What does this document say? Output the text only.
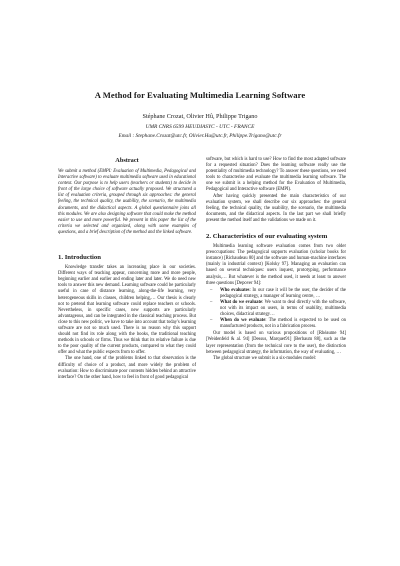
A Method for Evaluating Multimedia Learning Software
Stéphane Crozat, Olivier Hû, Philippe Trigano
UMR CNRS 6599 HEUDIASYC - UTC - FRANCE
Email : Stephane.Crozat@utc.fr, Olivier.Hu@utc.fr, Philippe.Trigano@utc.fr
Abstract

We submit a method (EMPI: Evaluation of Multimedia, Pedagogical and Interactive software) to evaluate multimedia software used in educational context. Our purpose is to help users (teachers or students) to decide in front of the large choice of software actually proposed. We structured a list of evaluation criteria, grouped through six approaches: the general feeling, the technical quality, the usability, the scenario, the multimedia documents, and the didactical aspects. A global questionnaire joins all this modules. We are also designing software that could make the method easier to use and more powerful. We present in this paper the list of the criteria we selected and organized, along with some examples of questions, and a brief description of the method and the linked software.

1. Introduction

Knowledge transfer takes an increasing place in our societies. Different ways of teaching appear, concerning more and more people, beginning earlier and earlier and ending later and later. We do need new tools to answer this new demand. Learning software could be particularly useful in case of distance learning, along-the-life learning, very heterogeneous skills in classes, children helping,… Our thesis is clearly not to pretend that learning software could replace teachers or schools. Nevertheless, in specific cases, new supports are particularly advantageous, and can be integrated in the classical teaching process. But close to this new politic, we have to take into account that today's learning software are not so much used. There is no reason why this support should not find its role along with the books, the traditional teaching methods in schools or firms. Thus we think that its relative failure is due to the poor quality of the current products, compared to what they could offer and what the public expects from to offer.

The one hand, one of the problems linked to that observation is the difficulty of choice of a product, and more widely the problem of evaluation: How to discriminate poor contents hidden behind an attractive interface? On the other hand, how to feel in front of good pedagogical

software, but which is hard to use? How to find the most adapted software for a requested situation? Does the learning software really use the potentiality of multimedia technology? To answer these questions, we need tools to characterise and evaluate the multimedia learning software. The one we submit is a helping method for the Evaluation of Multimedia, Pedagogical and Interactive software (EMPI).

After having quickly presented the main characteristics of our evaluation system, we shall describe our six approaches: the general feeling, the technical quality, the usability, the scenario, the multimedia documents, and the didactical aspects. In the last part we shall briefly present the method itself and the validations we made on it.

2. Characteristics of our evaluating system

Multimedia learning software evaluation comes from two older preoccupations: The pedagogical supports evaluation (scholar books for instance) [Richaudeau 80] and the software and human-machine interfaces (mainly in industrial context) [Kolsky 97]. Managing an evaluation can based on several techniques: users inquest, prototyping, performance analysis,… But whatever is the method used, it needs at least to answer three questions [Depover 94]:

– Who evaluates: In our case it will be the user, the decider of the pedagogical strategy, a manager of learning centre, …
– What do we evaluate: We want to deal directly with the software, not with its impact on users, in terms of usability, multimedia choices, didactical strategy…
– When do we evaluate: The method is expected to be used on manufactured products, not in a fabrication process.

Our model is based on various propositions of [Rhéaume 94] [Weidenfeld & al. 94] [Dessus, Marquet91] [Berbaum 88], such as the layer representation (from the technical core to the user), the distinction between pedagogical strategy, the information, the way of evaluating, …

The global structure we submit is a six-modules model:
